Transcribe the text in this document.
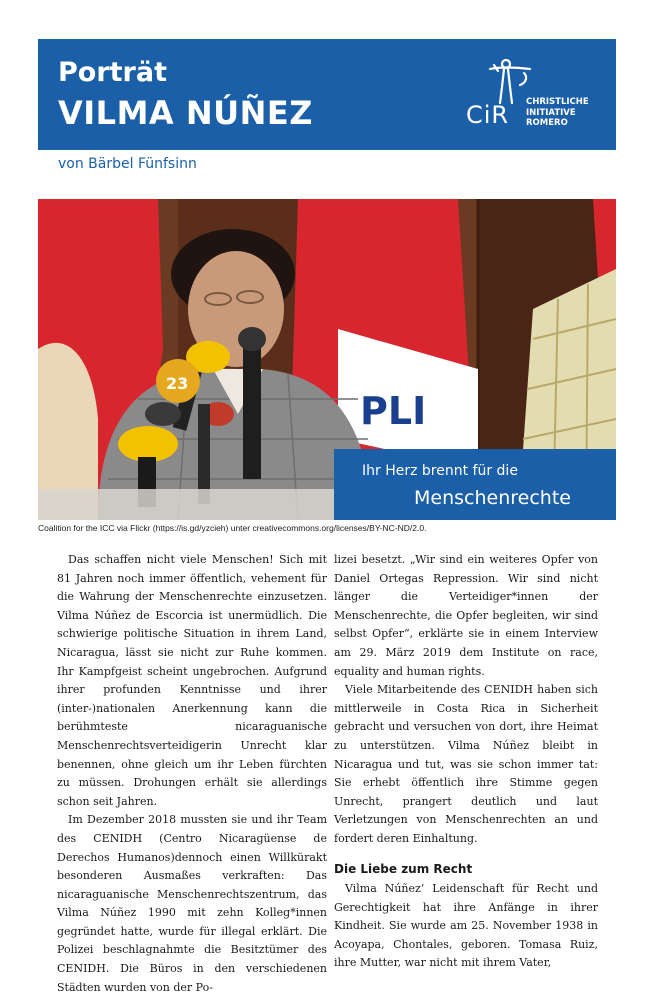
Porträt
VILMA NÚÑEZ	CiR CHRISTLICHE
INITIATIVE
ROMERO
von Bärbel Fünfsinn
PLI
23
Ihr Herz brennt für die
Menschenrechte
Coalition for the ICC via Flickr (https://is.gd/yzcieh) unter creativecommons.org/licenses/BY-NC-ND/2.0.

Das schaffen nicht viele Menschen! Sich mit 81 Jahren noch immer öffentlich, vehement für die Wahrung der Menschenrechte einzusetzen. Vilma Núñez de Escorcia ist unermüdlich. Die schwierige politische Situation in ihrem Land, Nicaragua, lässt sie nicht zur Ruhe kommen. Ihr Kampfgeist scheint ungebrochen. Aufgrund ihrer profunden Kenntnisse und ihrer (inter-)nationalen Anerkennung kann die berühmteste nicaraguanische Menschenrechtsverteidigerin Unrecht klar benennen, ohne gleich um ihr Leben fürchten zu müssen. Drohungen erhält sie allerdings schon seit Jahren.

Im Dezember 2018 mussten sie und ihr Team des CENIDH (Centro Nicaragüense de Derechos Humanos)dennoch einen Willkürakt besonderen Ausmaßes verkraften: Das nicaraguanische Menschenrechtszentrum, das Vilma Núñez 1990 mit zehn Kolleg*innen gegründet hatte, wurde für illegal erklärt. Die Polizei beschlagnahmte die Besitztümer des CENIDH. Die Büros in den verschiedenen Städten wurden von der Po-

lizei besetzt. „Wir sind ein weiteres Opfer von Daniel Ortegas Repression. Wir sind nicht länger die Verteidiger*innen der Menschenrechte, die Opfer begleiten, wir sind selbst Opfer“, erklärte sie in einem Interview am 29. März 2019 dem Institute on race, equality and human rights.

Viele Mitarbeitende des CENIDH haben sich mittlerweile in Costa Rica in Sicherheit gebracht und versuchen von dort, ihre Heimat zu unterstützen. Vilma Núñez bleibt in Nicaragua und tut, was sie schon immer tat: Sie erhebt öffentlich ihre Stimme gegen Unrecht, prangert deutlich und laut Verletzungen von Menschenrechten an und fordert deren Einhaltung.

Die Liebe zum Recht

Vilma Núñez‘ Leidenschaft für Recht und Gerechtigkeit hat ihre Anfänge in ihrer Kindheit. Sie wurde am 25. November 1938 in Acoyapa, Chontales, geboren. Tomasa Ruiz, ihre Mutter, war nicht mit ihrem Vater,
